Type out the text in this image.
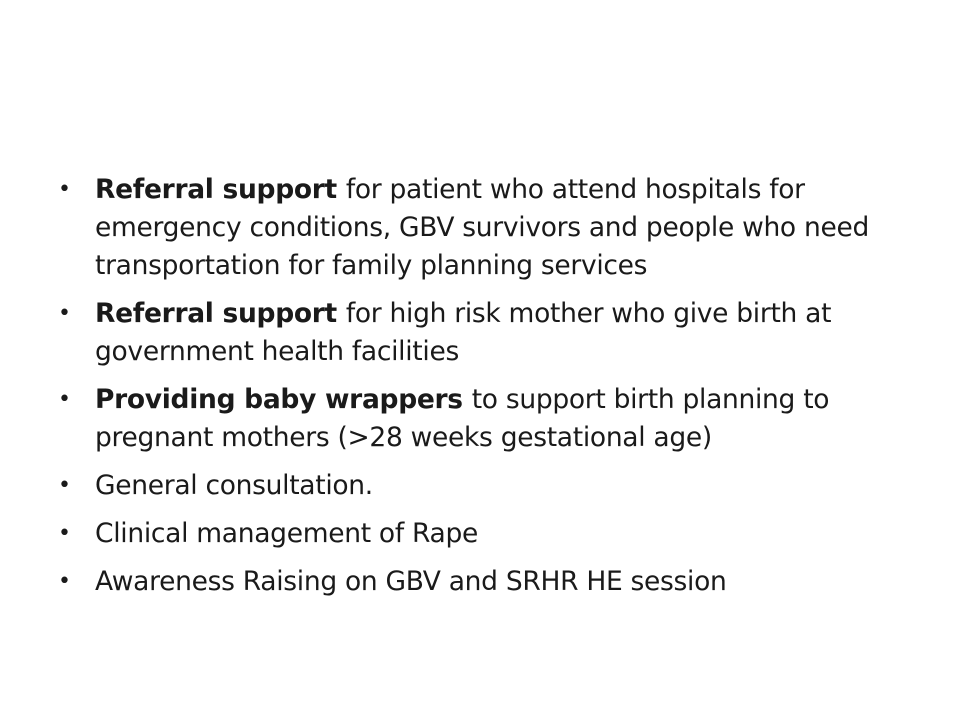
• Referral support for patient who attend hospitals for emergency conditions, GBV survivors and people who need transportation for family planning services
• Referral support for high risk mother who give birth at government health facilities
• Providing baby wrappers to support birth planning to pregnant mothers (>28 weeks gestational age)
• General consultation.
• Clinical management of Rape
• Awareness Raising on GBV and SRHR HE session
